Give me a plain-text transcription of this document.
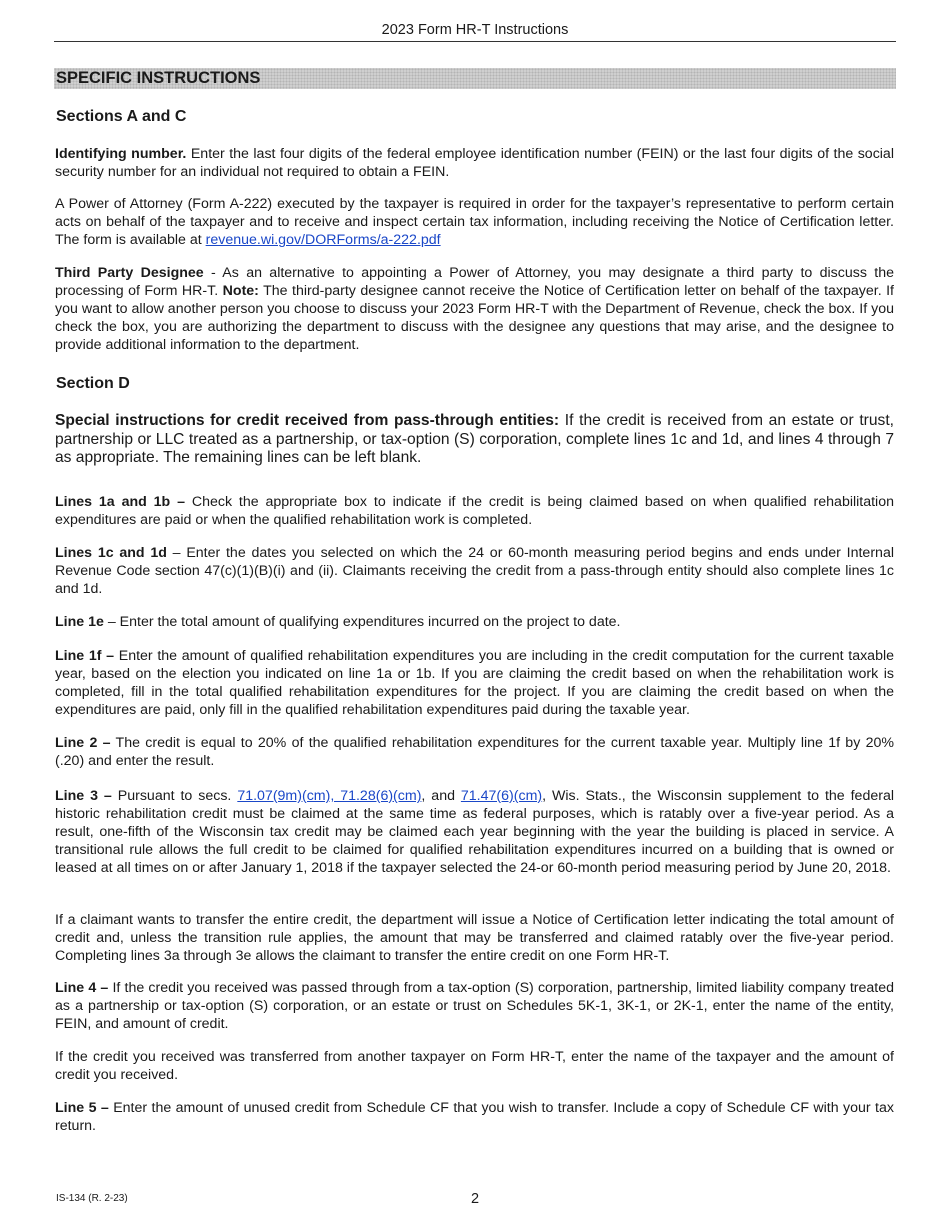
2023 Form HR-T Instructions
SPECIFIC INSTRUCTIONS
Sections A and C
Identifying number. Enter the last four digits of the federal employee identification number (FEIN) or the last four digits of the social security number for an individual not required to obtain a FEIN.
A Power of Attorney (Form A-222) executed by the taxpayer is required in order for the taxpayer’s representative to perform certain acts on behalf of the taxpayer and to receive and inspect certain tax information, including receiving the Notice of Certification letter. The form is available at revenue.wi.gov/DORForms/a-222.pdf
Third Party Designee - As an alternative to appointing a Power of Attorney, you may designate a third party to discuss the processing of Form HR-T. Note: The third-party designee cannot receive the Notice of Certification letter on behalf of the taxpayer. If you want to allow another person you choose to discuss your 2023 Form HR-T with the Department of Revenue, check the box. If you check the box, you are authorizing the department to discuss with the designee any questions that may arise, and the designee to provide additional information to the department.
Section D
Special instructions for credit received from pass-through entities: If the credit is received from an estate or trust, partnership or LLC treated as a partnership, or tax-option (S) corporation, complete lines 1c and 1d, and lines 4 through 7 as appropriate. The remaining lines can be left blank.
Lines 1a and 1b – Check the appropriate box to indicate if the credit is being claimed based on when qualified rehabilitation expenditures are paid or when the qualified rehabilitation work is completed.
Lines 1c and 1d – Enter the dates you selected on which the 24 or 60-month measuring period begins and ends under Internal Revenue Code section 47(c)(1)(B)(i) and (ii). Claimants receiving the credit from a pass-through entity should also complete lines 1c and 1d.
Line 1e – Enter the total amount of qualifying expenditures incurred on the project to date.
Line 1f – Enter the amount of qualified rehabilitation expenditures you are including in the credit computation for the current taxable year, based on the election you indicated on line 1a or 1b. If you are claiming the credit based on when the rehabilitation work is completed, fill in the total qualified rehabilitation expenditures for the project. If you are claiming the credit based on when the expenditures are paid, only fill in the qualified rehabilitation expenditures paid during the taxable year.
Line 2 – The credit is equal to 20% of the qualified rehabilitation expenditures for the current taxable year. Multiply line 1f by 20% (.20) and enter the result.
Line 3 – Pursuant to secs. 71.07(9m)(cm), 71.28(6)(cm), and 71.47(6)(cm), Wis. Stats., the Wisconsin supplement to the federal historic rehabilitation credit must be claimed at the same time as federal purposes, which is ratably over a five-year period. As a result, one-fifth of the Wisconsin tax credit may be claimed each year beginning with the year the building is placed in service. A transitional rule allows the full credit to be claimed for qualified rehabilitation expenditures incurred on a building that is owned or leased at all times on or after January 1, 2018 if the taxpayer selected the 24-or 60-month period measuring period by June 20, 2018.
If a claimant wants to transfer the entire credit, the department will issue a Notice of Certification letter indicating the total amount of credit and, unless the transition rule applies, the amount that may be transferred and claimed ratably over the five-year period. Completing lines 3a through 3e allows the claimant to transfer the entire credit on one Form HR-T.
Line 4 – If the credit you received was passed through from a tax-option (S) corporation, partnership, limited liability company treated as a partnership or tax-option (S) corporation, or an estate or trust on Schedules 5K-1, 3K-1, or 2K-1, enter the name of the entity, FEIN, and amount of credit.
If the credit you received was transferred from another taxpayer on Form HR-T, enter the name of the taxpayer and the amount of credit you received.
Line 5 – Enter the amount of unused credit from Schedule CF that you wish to transfer. Include a copy of Schedule CF with your tax return.
IS-134 (R. 2-23)	2
